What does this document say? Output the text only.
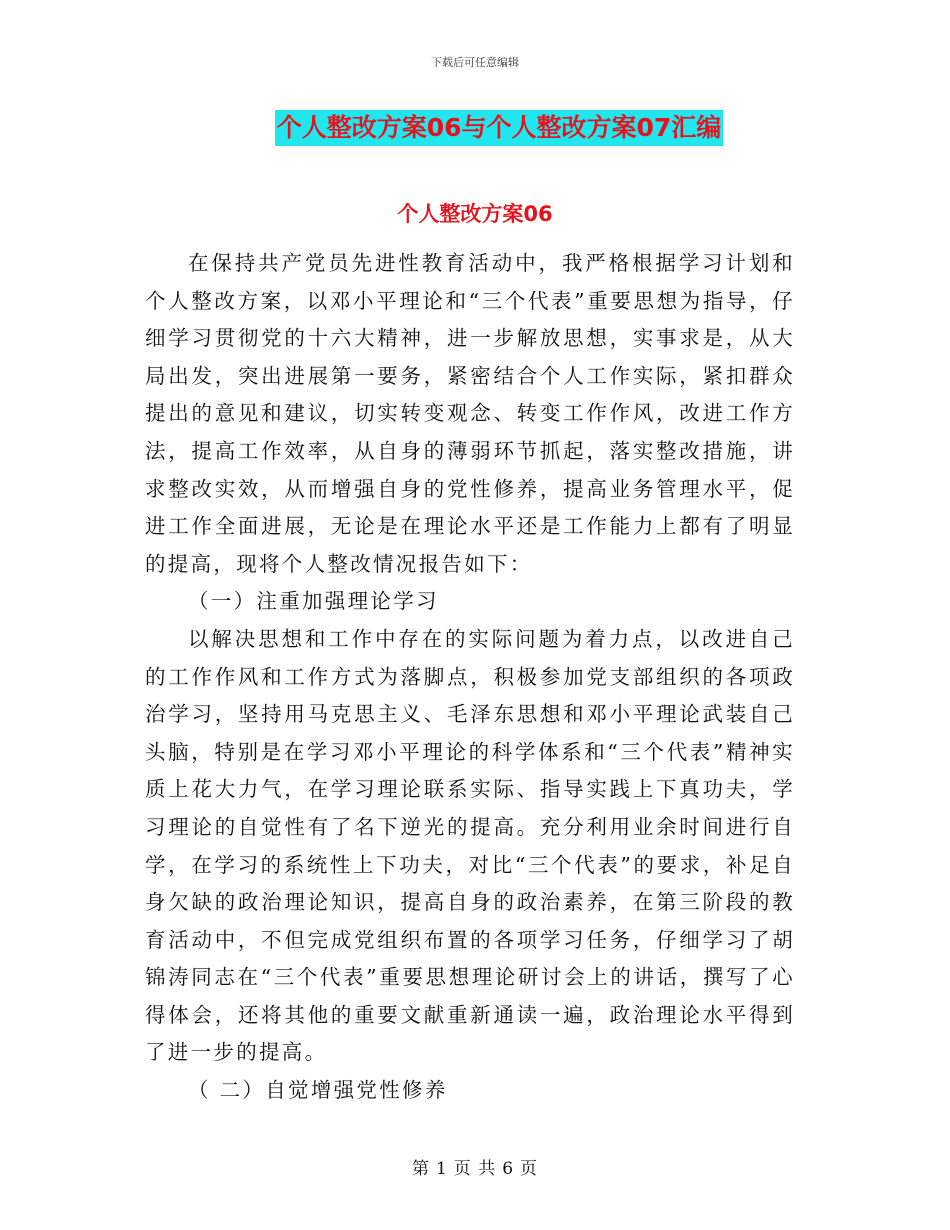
下载后可任意编辑
个人整改方案06与个人整改方案07汇编
个人整改方案06

在保持共产党员先进性教育活动中，我严格根据学习计划和个人整改方案，以邓小平理论和“三个代表”重要思想为指导，仔细学习贯彻党的十六大精神，进一步解放思想，实事求是，从大局出发，突出进展第一要务，紧密结合个人工作实际，紧扣群众提出的意见和建议，切实转变观念、转变工作作风，改进工作方法，提高工作效率，从自身的薄弱环节抓起，落实整改措施，讲求整改实效，从而增强自身的党性修养，提高业务管理水平，促进工作全面进展，无论是在理论水平还是工作能力上都有了明显的提高，现将个人整改情况报告如下：

（一）注重加强理论学习

以解决思想和工作中存在的实际问题为着力点，以改进自己的工作作风和工作方式为落脚点，积极参加党支部组织的各项政治学习，坚持用马克思主义、毛泽东思想和邓小平理论武装自己头脑，特别是在学习邓小平理论的科学体系和“三个代表”精神实质上花大力气，在学习理论联系实际、指导实践上下真功夫，学习理论的自觉性有了名下逆光的提高。充分利用业余时间进行自学，在学习的系统性上下功夫，对比“三个代表”的要求，补足自身欠缺的政治理论知识，提高自身的政治素养，在第三阶段的教育活动中，不但完成党组织布置的各项学习任务，仔细学习了胡锦涛同志在“三个代表”重要思想理论研讨会上的讲话，撰写了心得体会，还将其他的重要文献重新通读一遍，政治理论水平得到了进一步的提高。

（ 二）自觉增强党性修养

第 1 页 共 6 页
